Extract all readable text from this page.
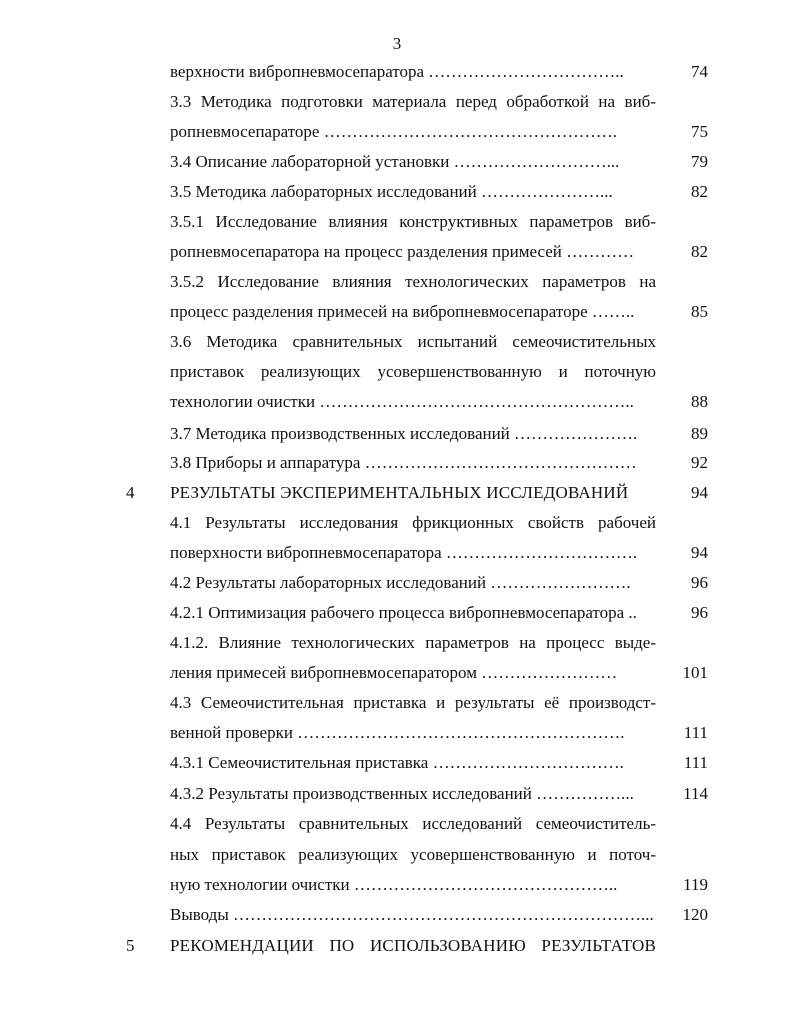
3
верхности вибропневмосепаратора ……………………………..	74
3.3 Методика подготовки материала перед обработкой на виб-
ропневмосепараторе …………………………………………….	75
3.4 Описание лабораторной установки ………………………...	79
3.5 Методика лабораторных исследований …………………...	82
3.5.1 Исследование влияния конструктивных параметров виб-
ропневмосепаратора на процесс разделения примесей …………	82
3.5.2 Исследование влияния технологических параметров на
процесс разделения примесей на вибропневмосепараторе ……..	85
3.6 Методика сравнительных испытаний семеочистительных
приставок реализующих усовершенствованную и поточную
технологии очистки ………………………………………………..	88
3.7 Методика производственных исследований ………………….	89
3.8 Приборы и аппаратура …………………………………………	92
4 РЕЗУЛЬТАТЫ ЭКСПЕРИМЕНТАЛЬНЫХ ИССЛЕДОВАНИЙ	94
4.1 Результаты исследования фрикционных свойств рабочей
поверхности вибропневмосепаратора …………………………….	94
4.2 Результаты лабораторных исследований …………………….	96
4.2.1 Оптимизация рабочего процесса вибропневмосепаратора ..	96
4.1.2. Влияние технологических параметров на процесс выде-
ления примесей вибропневмосепаратором ……………………	101
4.3 Семеочистительная приставка и результаты её производст-
венной проверки ………………………………………………….	111
4.3.1 Семеочистительная приставка …………………………….	111
4.3.2 Результаты производственных исследований ……………...	114
4.4 Результаты сравнительных исследований семеочиститель-
ных приставок реализующих усовершенствованную и поточ-
ную технологии очистки ………………………………………..	119
Выводы ………………………………………………………………... 120
5 РЕКОМЕНДАЦИИ ПО ИСПОЛЬЗОВАНИЮ РЕЗУЛЬТАТОВ
